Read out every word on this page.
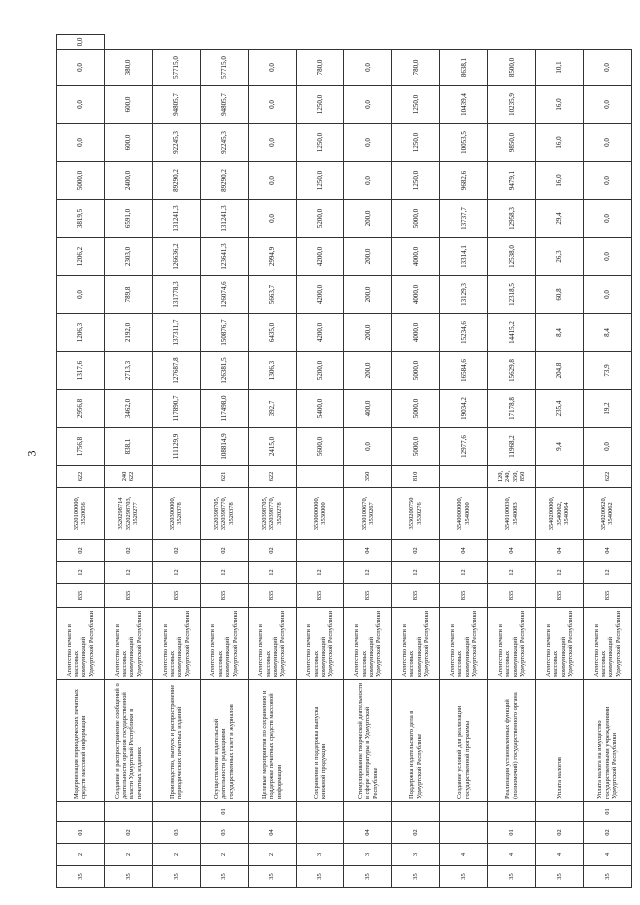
3
35	2	01		Модернизация периодических печатных средств массовой информации	Агентство печати и массовых коммуникаций Удмуртской Республики	835	12	02	3520100000, 3520056	622	1756,8	2956,8	1317,6	1206,3	0,0	1206,2	3819,5	5000,0	0,0	0,0	0,0	0,0
35	2	02		Создание и распространение сообщений о деятельности органов государственной власти Удмуртской Республики в печатных изданиях	Агентство печати и массовых коммуникаций Удмуртской Республики	835	12	02	3520298714 3520298703, 3520277	240 622	838,1	3462,0	2713,3	2192,0	789,8	2303,0	6591,0	2400,0	600,0	600,0	380,0	
35	2	03		Производство, выпуск и распространение периодических печатных изданий	Агентство печати и массовых коммуникаций Удмуртской Республики	835	12	02	3520300000, 3520378		111129,9	117890,7	127687,8	137311,7	131778,3	126636,2	131241,3	89290,2	92245,3	94805,7	57715,0	
35	2	03	01	Осуществление издательской деятельности редакциями государственных газет и журналов	Агентство печати и массовых коммуникаций Удмуртской Республики	835	12	02	3520398705, 3520398770, 3520378	621	108814,9	117498,0	126381,5	150876,7	126074,6	123641,3	131241,3	89290,2	92245,3	94805,7	57715,0	
35	2	04		Целевые мероприятия по сохранению и поддержке печатных средств массовой информации	Агентство печати и массовых коммуникаций Удмуртской Республики	835	12	02	3520398705, 3520398770, 3520278	622	2415,0	392,7	1306,3	6435,0	5663,7	2994,9	0,0	0,0	0,0	0,0	0,0	
35	3			Сохранение и поддержка выпуска книжной продукции	Агентство печати и массовых коммуникаций Удмуртской Республики	835	12		3530000000, 3530000		5600,0	5400,0	5200,0	4200,0	4200,0	4200,0	5200,0	1250,0	1250,0	1250,0	780,0	
35	3	04		Стимулирование творческой деятельности в сфере литературы в Удмуртской Республике	Агентство печати и массовых коммуникаций Удмуртской Республики	835	12	04	3530100670, 3530267	350	0,0	400,0	200,0	200,0	200,0	200,0	200,0	0,0	0,0	0,0	0,0	
35	3	02		Поддержка издательского дела в Удмуртской Республике	Агентство печати и массовых коммуникаций Удмуртской Республики	835	12	02	3530200750 3530276	810	5000,0	5000,0	5000,0	4000,0	4000,0	4000,0	5000,0	1250,0	1250,0	1250,0	780,0	
35	4			Создание условий для реализации государственной программы	Агентство печати и массовых коммуникаций Удмуртской Республики	835	12	04	3540000000, 3540000		12977,6	19034,2	16584,6	15234,6	13129,3	13314,1	13737,7	9682,6	10053,5	10439,4	8638,1	
35	4	01		Реализация установленных функций (полномочий) государственного органа	Агентство печати и массовых коммуникаций Удмуртской Республики	835	12	04	3540100030, 3540083	120, 240, 350, 850	11968,2	17178,8	15629,8	14415,2	12318,5	12538,0	12958,3	9479,1	9850,0	10235,9	8500,0	
35	4	02		Уплата налогов	Агентство печати и массовых коммуникаций Удмуртской Республики	835	12	04	3540200000, 3540062, 3540064		9,4	235,4	204,8	8,4	60,8	26,3	29,4	16,0	16,0	16,0	10,1	
35	4	02	01	Уплата налога на имущество государственными учреждениями Удмуртской Республики	Агентство печати и массовых коммуникаций Удмуртской Республики	835	12	04	3540200620, 3540062	622	0,0	19,2	73,9	8,4	0,0	0,0	0,0	0,0	0,0	0,0	0,0	
